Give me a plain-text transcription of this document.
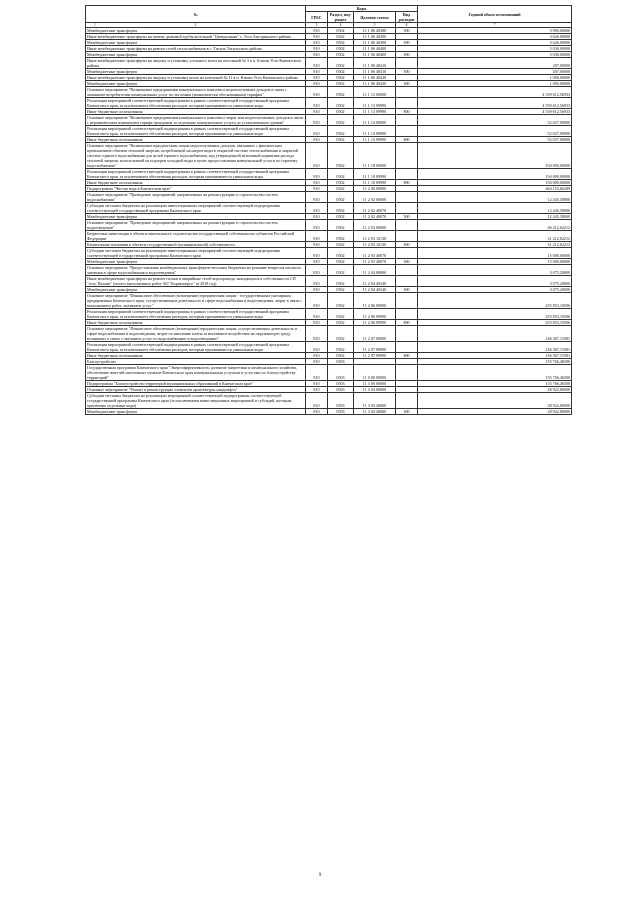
№	Коды				Годовой объем ассигнований
	ГРБС	Раздел, под- раздел	Целевая статья	Вид расходов	

1 2	3	4	5	6	7
Межбюджетные трансферты	810	0502	11 1 06 40380	500	5 900,00000
Иные межбюджетные трансферты на замену дымовой трубы котельной "Центральная" с. Эссо Быстринского района	810	0502	11 1 06 40390		3 626,00000
Межбюджетные трансферты	810	0502	11 1 06 40390	500	3 626,00000
Иные межбюджетные трансферты на ремонт сетей теплоснабжения в с. Тигиль Тигильского района	810	0502	11 1 06 40400		5 030,00000
Межбюджетные трансферты	810	0502	11 1 06 40400	500	5 030,00000
Иные межбюджетные трансферты на закупку и установку угольного котла на котельной № 3 в п. Ключи Усть-Камчатского района	810	0502	11 1 06 40410		207,00000
Межбюджетные трансферты	810	0502	11 1 06 40410	500	207,00000
Иные межбюджетные трансферты на закупку и установку котла на котельной № 11 в п. Ключи Усть-Камчатского района	810	0502	11 1 06 40420		1 000,00000
Межбюджетные трансферты	810	0502	11 1 06 40420	500	1 000,00000
Основное мероприятие "Возмещение предприятиям коммунального комплекса недополученных доходов в связи с оказанием потребителям коммунальных услуг по льготным (экономически обоснованным) тарифам"	810	0502	11 1 13 00000		4 539 612,56933
Реализация мероприятий соответствующей подпрограммы в рамках соответствующей государственной программы Камчатского края, за исключением обеспечения расходов, которым присваиваются уникальные коды	810	0502	11 1 13 09990		4 539 612,56933
Иные бюджетные ассигнования	810	0502	11 1 13 09990	800	4 539 612,56933
Основное мероприятие "Возмещение предприятиям коммунального комплекса затрат или недополученных доходов в связи с неравновесным изменением тарифа гражданам за отдельные коммунальные услуги до установленного уровня"	810	0502	11 1 14 00000		52 657,90000
Реализация мероприятий соответствующей подпрограммы в рамках соответствующей государственной программы Камчатского края, за исключением обеспечения расходов, которым присваиваются уникальные коды	810	0502	11 1 14 09990		52 657,90000
Иные бюджетные ассигнования	810	0502	11 1 14 09990	800	52 657,90000
Основное мероприятие "Возмещение юридическим лицам недополученных доходов, связанных с фактическим превышением объемов тепловой энергии, потребляемой на нагрев воды в открытой системе теплоснабжения и закрытой системе горячего водоснабжения для целей горячего водоснабжения, над утвержденной величиной норматива расхода тепловой энергии, используемой на подогрев холодной воды в целях предоставления коммунальной услуги по горячему водоснабжению"	810	0502	11 1 18 00000		194 000,00000
Реализация мероприятий соответствующей подпрограммы в рамках соответствующей государственной программы Камчатского края, за исключением обеспечения расходов, которым присваиваются уникальные коды	810	0502	11 1 18 09990		194 000,00000
Иные бюджетные ассигнования	810	0502	11 1 18 09990	800	194 000,00000
Подпрограмма "Чистая вода в Камчатском крае"	810	0502	11 2 00 00000		464 153,66299
Основное мероприятие "Проведение мероприятий, направленных на реконструкцию и строительство систем водоснабжения"	810	0502	11 2 02 00000		12 445,58000
Субсидии местным бюджетам на реализацию инвестиционных мероприятий соответствующей подпрограммы соответствующей государственной программы Камчатского края	810	0502	11 2 02 40070		12 445,58000
Межбюджетные трансферты	810	0502	11 2 02 40070	500	12 445,58000
Основное мероприятие "Проведение мероприятий, направленных на реконструкцию и строительство систем водоотведения"	810	0502	11 2 03 00000		46 212,62212
Бюджетные инвестиции в объекты капитального строительства государственной собственности субъектов Российской Федерации	810	0502	11 2 03 10130		31 212,62212
Капитальные вложения в объекты государственной (муниципальной) собственности	810	0502	11 2 03 10130	400	31 212,62212
Субсидии местным бюджетам на реализацию инвестиционных мероприятий соответствующей подпрограммы соответствующей государственной программы Камчатского края	810	0502	11 2 03 40070		15 000,00000
Межбюджетные трансферты	810	0502	11 2 03 40070	500	15 000,00000
Основное мероприятие "Предоставление межбюджетных трансфертов местным бюджетам на решение вопросов местного значения в сфере водоснабжения и водоотведения"	810	0502	11 2 04 00000		3 075,20000
Иные межбюджетные трансферты на ремонт песков и аварийные сетей водопровода, находящихся в собственности СП "село Пахачи" (оплата выполненных работ АО "Корякэнерго" за 2018 год)	810	0502	11 2 04 40340		3 075,20000
Межбюджетные трансферты	810	0502	11 2 04 40340	500	3 075,20000
Основное мероприятие "Финансовое обеспечение (возмещение) юридическим лицам - государственным унитарным предприятиям Камчатского края, осуществляющим деятельность в сфере водоснабжения и водоотведения, затрат в связи с выполнением работ, оказанием услуг"	810	0502	11 2 06 00000		255 853,10506
Реализация мероприятий соответствующей подпрограммы в рамках соответствующей государственной программы Камчатского края, за исключением обеспечения расходов, которым присваиваются уникальные коды	810	0502	11 2 06 09990		255 853,10506
Иные бюджетные ассигнования	810	0502	11 2 06 09990	800	255 853,10506
Основное мероприятие "Финансовое обеспечение (возмещение) юридическим лицам, осуществляющим деятельность в сфере водоснабжения и водоотведения, затрат по внесению платы за негативное воздействие на окружающую среду, возникших в связи с оказанием услуг по водоснабжению и водоотведению"	810	0502	11 2 07 00000		146 367,15581
Реализация мероприятий соответствующей подпрограммы в рамках соответствующей государственной программы Камчатского края, за исключением обеспечения расходов, которым присваиваются уникальные коды	810	0502	11 2 07 09990		146 367,15581
Иные бюджетные ассигнования	810	0502	11 2 07 09990	800	146 367,15581
Благоустройство	810	0503			155 766,46500
Государственная программа Камчатского края "Энергоэффективность, развитие энергетики и коммунального хозяйства, обеспечение жителей населенных пунктов Камчатского края коммунальными услугами и услугами по благоустройству территорий"	810	0503	11 0 00 00000		155 766,46500
Подпрограмма "Благоустройство территорий муниципальных образований в Камчатском крае"	810	0503	11 3 00 00000		155 766,46500
Основное мероприятие "Ремонт и реконструкция элементов архитектуры ландшафта"	810	0503	11 3 04 00000		28 922,80000
Субсидии местным бюджетам на реализацию мероприятий соответствующей подпрограммы соответствующей государственной программы Камчатского края (за исключением инвестиционных мероприятий и субсидий, которым присвоены отдельные коды)	810	0503	11 3 04 40060		28 922,80000
Межбюджетные трансферты	810	0503	11 3 04 40060	500	28 922,80000
9
